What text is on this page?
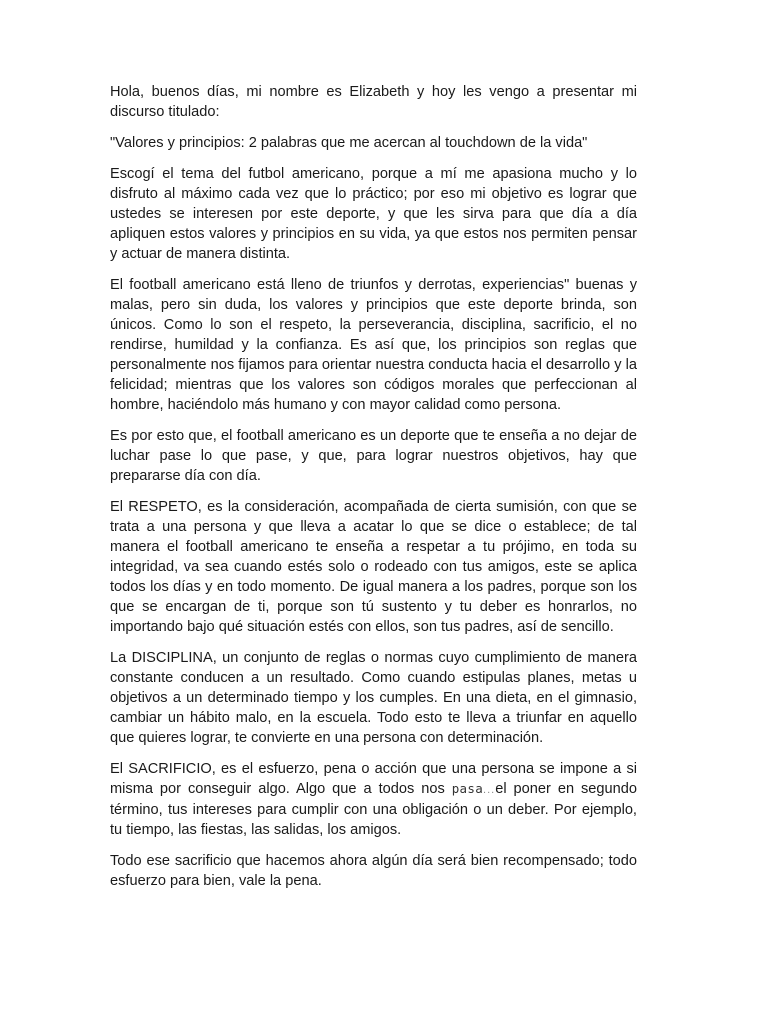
Hola, buenos días, mi nombre es Elizabeth y hoy les vengo a presentar mi discurso titulado:

"Valores y principios: 2 palabras que me acercan al touchdown de la vida"

Escogí el tema del futbol americano, porque a mí me apasiona mucho y lo disfruto al máximo cada vez que lo práctico; por eso mi objetivo es lograr que ustedes se interesen por este deporte, y que les sirva para que día a día apliquen estos valores y principios en su vida, ya que estos nos permiten pensar y actuar de manera distinta.

El football americano está lleno de triunfos y derrotas, experiencias" buenas y malas, pero sin duda, los valores y principios que este deporte brinda, son únicos. Como lo son el respeto, la perseverancia, disciplina, sacrificio, el no rendirse, humildad y la confianza. Es así que, los principios son reglas que personalmente nos fijamos para orientar nuestra conducta hacia el desarrollo y la felicidad; mientras que los valores son códigos morales que perfeccionan al hombre, haciéndolo más humano y con mayor calidad como persona.

Es por esto que, el football americano es un deporte que te enseña a no dejar de luchar pase lo que pase, y que, para lograr nuestros objetivos, hay que prepararse día con día.

El RESPETO, es la consideración, acompañada de cierta sumisión, con que se trata a una persona y que lleva a acatar lo que se dice o establece; de tal manera el football americano te enseña a respetar a tu prójimo, en toda su integridad, va sea cuando estés solo o rodeado con tus amigos, este se aplica todos los días y en todo momento. De igual manera a los padres, porque son los que se encargan de ti, porque son tú sustento y tu deber es honrarlos, no importando bajo qué situación estés con ellos, son tus padres, así de sencillo.

La DISCIPLINA, un conjunto de reglas o normas cuyo cumplimiento de manera constante conducen a un resultado. Como cuando estipulas planes, metas u objetivos a un determinado tiempo y los cumples. En una dieta, en el gimnasio, cambiar un hábito malo, en la escuela. Todo esto te lleva a triunfar en aquello que quieres lograr, te convierte en una persona con determinación.

El SACRIFICIO, es el esfuerzo, pena o acción que una persona se impone a si misma por conseguir algo. Algo que a todos nos pasa...el poner en segundo término, tus intereses para cumplir con una obligación o un deber. Por ejemplo, tu tiempo, las fiestas, las salidas, los amigos.

Todo ese sacrificio que hacemos ahora algún día será bien recompensado; todo esfuerzo para bien, vale la pena.
